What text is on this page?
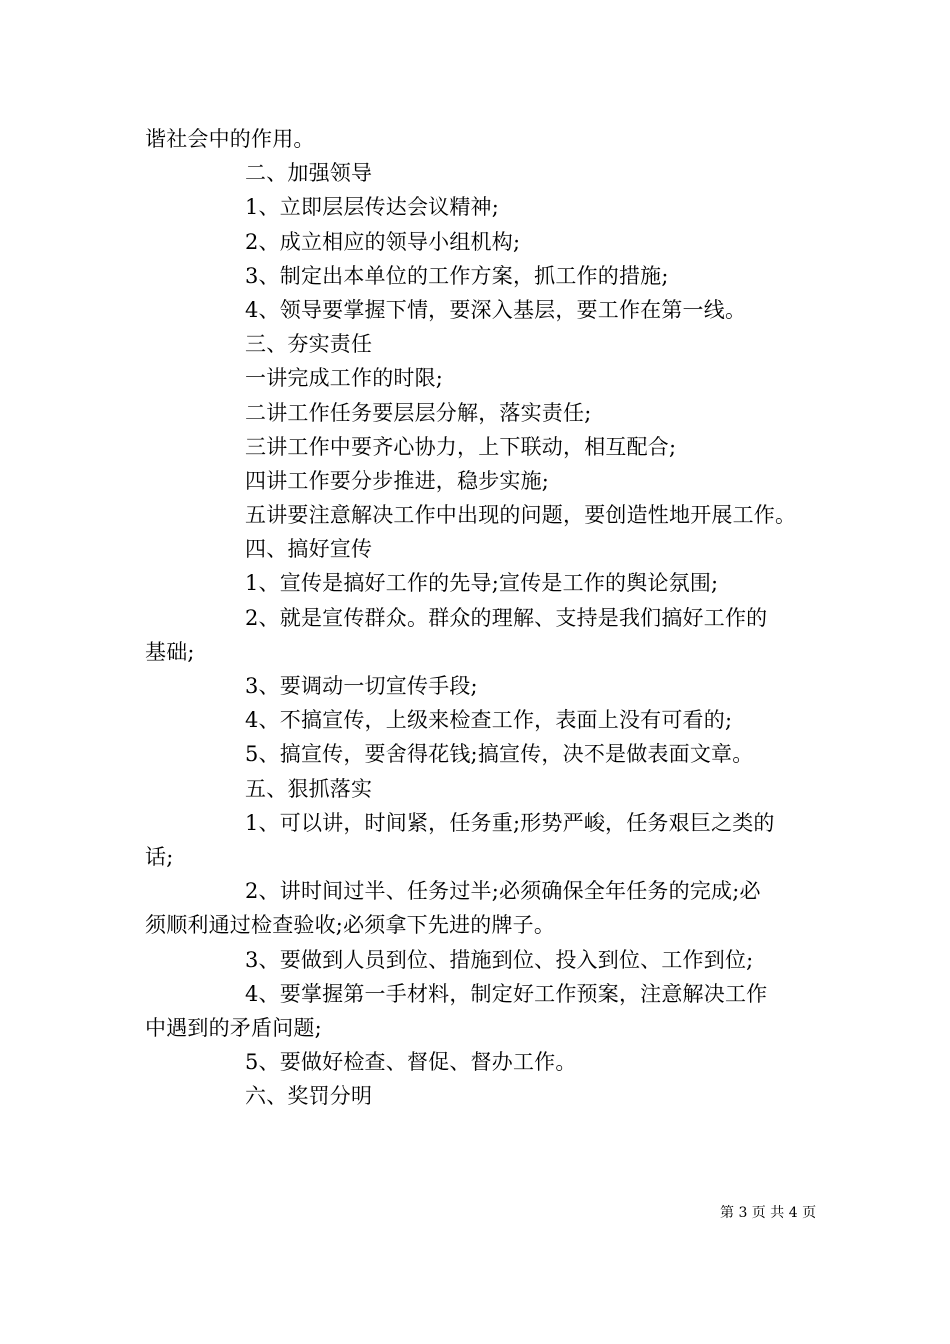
谐社会中的作用。
二、加强领导
1、立即层层传达会议精神;
2、成立相应的领导小组机构;
3、制定出本单位的工作方案，抓工作的措施;
4、领导要掌握下情，要深入基层，要工作在第一线。
三、夯实责任
一讲完成工作的时限;
二讲工作任务要层层分解，落实责任;
三讲工作中要齐心协力，上下联动，相互配合;
四讲工作要分步推进，稳步实施;
五讲要注意解决工作中出现的问题，要创造性地开展工作。
四、搞好宣传
1、宣传是搞好工作的先导;宣传是工作的舆论氛围;
2、就是宣传群众。群众的理解、支持是我们搞好工作的
基础;
3、要调动一切宣传手段;
4、不搞宣传，上级来检查工作，表面上没有可看的;
5、搞宣传，要舍得花钱;搞宣传，决不是做表面文章。
五、狠抓落实
1、可以讲，时间紧，任务重;形势严峻，任务艰巨之类的
话;
2、讲时间过半、任务过半;必须确保全年任务的完成;必
须顺利通过检查验收;必须拿下先进的牌子。
3、要做到人员到位、措施到位、投入到位、工作到位;
4、要掌握第一手材料，制定好工作预案，注意解决工作
中遇到的矛盾问题;
5、要做好检查、督促、督办工作。
六、奖罚分明
第 3 页 共 4 页
